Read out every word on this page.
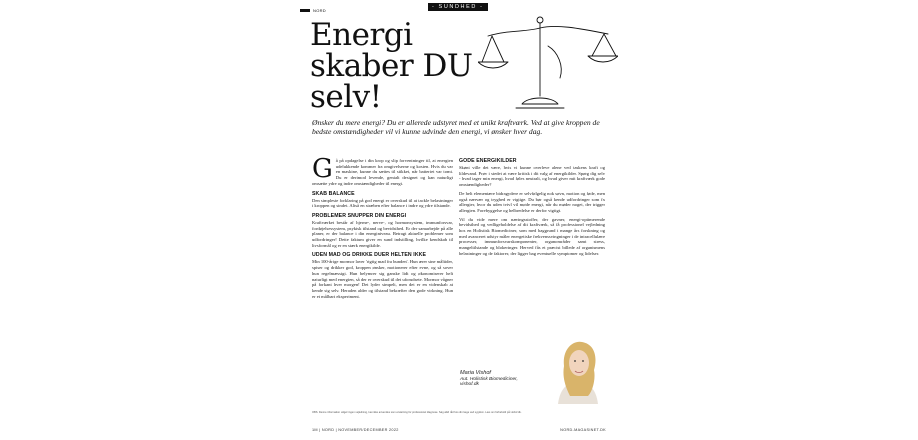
NORD
- SUNDHED -
Energi skaber DU selv!

Ønsker du mere energi? Du er allerede udstyret med et unikt kraftværk. Ved at give kroppen de bedste omstændigheder vil vi kunne udvinde den energi, vi ønsker hver dag.

Gå på opdagelse i din krop og slip forventninger til, at energien udelukkende kommer fra omgivelserne og kosten. Hvis du var en maskine, kunne du sættes til stikket, når batteriet var tomt. Du er derimod levende, genialt designet og kan naturligt omsætte ydre og indre omstændigheder til energi.

SKAB BALANCE

Den simpleste forklaring på god energi er overskud til at tackle belastninger i kroppen og sindet. Altså en stræben efter balance i indre og ydre tilstande.

PROBLEMER SNUPPER DIN ENERGI

Kraftværket består af hjerne-, nerve-, og hormonsystem, immunforsvar, fordøjelsessystem, psykisk tilstand og bevidsthed. Er der samarbejde på alle planer, er der balance i din energiniveau. Betragt aktuelle problemer som udfordringer! Dette faktum giver en sund indstilling, hvilke kendskab til livsformål og er en stærk energikilde.

UDEN MAD OG DRIKKE DUER HELTEN IKKE

Min 100-årige mormor laver 'rigtig mad fra bunden'. Hun ærer sine måltider, spiser og drikker god, kroppen ønsker, motionerer efter evne, og så sover hun regelmæssigt. Hun belymrer sig ganske lidt og økonomiserer helt naturligt med energien, så der er overskud til det uforudsete. Mormor vågner på forkant hver morgen! Det lyder simpelt, men det er en videnskab at kende sig selv. Heraden alder og tilstand bekræfter den gode virkning. Hun er et målbart eksperiment.

GODE ENERGIKILDER

Skønt ville det være, hvis vi kunne overleve alene ved taskens kraft og lildevand. Prøv i stedet at være kritisk i dit valg af energikilder. Spørg dig selv - hvad tager min energi, hvad føles neutralt, og hvad giver mit kraftværk gode omstændigheder?

De helt elementære bidragydere er selvfølgelig nok søvn, motion og føde, men også nærvær og tryghed er vigtige. Du bør også kende udfordringer som fx allergier, hvor du uden tvivl vil møde energi, når du møder noget, der trigger allergien. Forebyggelse og helbredelse er derfor vigtigt.

Vil du vide mere om næringsstoffer, der gavner, energi-optimerende bevidsthed og vedligeholdelse af dit kraftværk, så få professionel vejledning hos en Holistisk Biomediciner, som med baggrund i mange års forskning og med avanceret udstyr måler energetiske frekvenssvingninger i de intracellulære processer, immunforsvarskomponenter, organområder samt stress, mangeltilstande og blokeringer. Herved fås et præcist billede af organismens belastninger og de faktorer, der ligger bag eventuelle symptomer og lidelser.

Maria Vishof
Aut. Holistisk Biomediciner,
vishof.dk
OBS. Denne information udgør ingen vejledning, kan ikke anvendes som erstatning for professionel diagnose. Søg altid råd hos din læge ved sygdom. Læs om forbehold på vishof.dk.
1M | NORD | NOVEMBER/DECEMBER 2022	NORD-MAGASINET.DK
